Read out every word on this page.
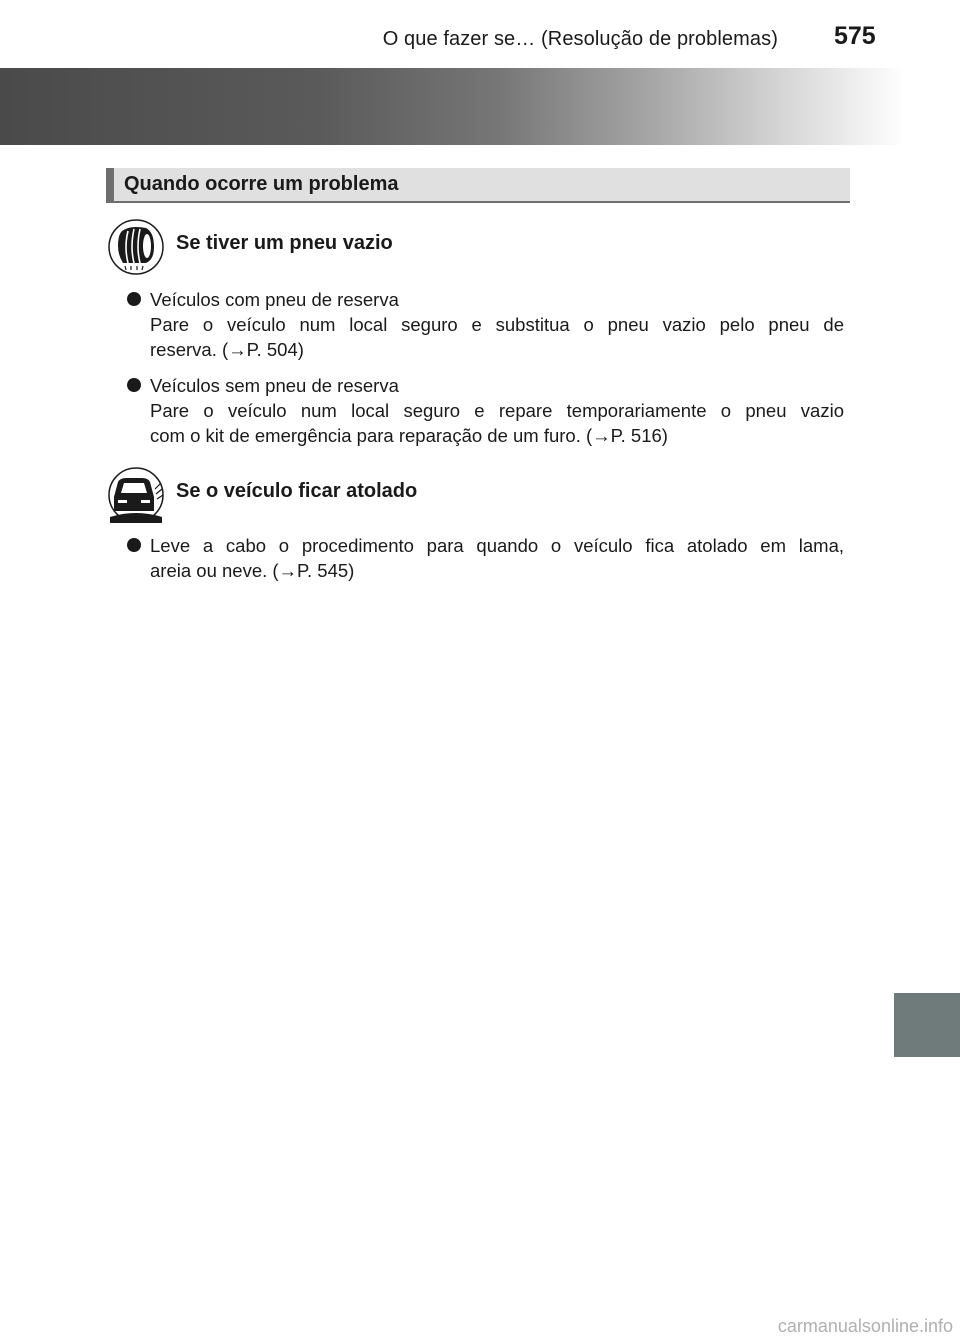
O que fazer se… (Resolução de problemas) 575
Quando ocorre um problema
Se tiver um pneu vazio
Veículos com pneu de reserva
Pare o veículo num local seguro e substitua o pneu vazio pelo pneu de
reserva. (→P. 504)
Veículos sem pneu de reserva
Pare o veículo num local seguro e repare temporariamente o pneu vazio
com o kit de emergência para reparação de um furo. (→P. 516)
Se o veículo ficar atolado
Leve a cabo o procedimento para quando o veículo fica atolado em lama,
areia ou neve. (→P. 545)
carmanualsonline.info
